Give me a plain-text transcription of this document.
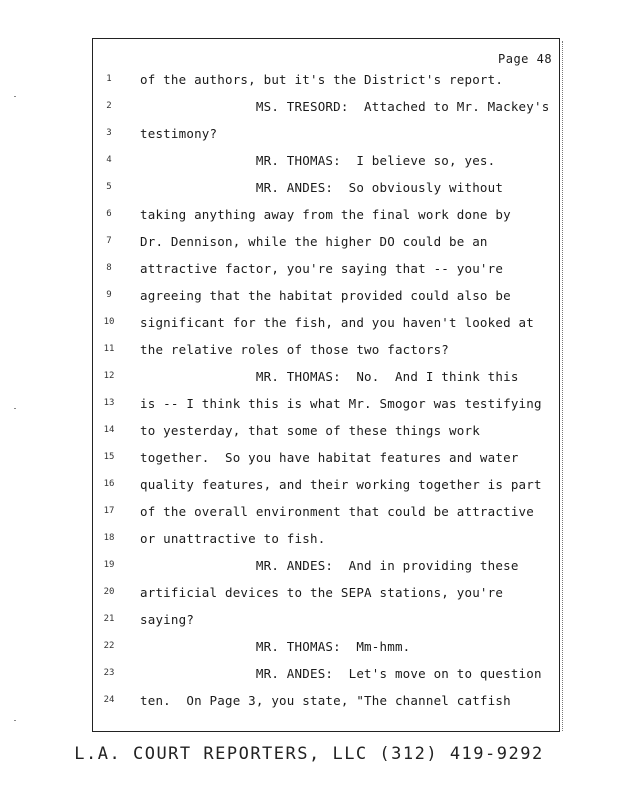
Page 48
1	of the authors, but it's the District's report.
2	MS. TRESORD:  Attached to Mr. Mackey's
3	testimony?
4	MR. THOMAS:  I believe so, yes.
5	MR. ANDES:  So obviously without
6	taking anything away from the final work done by
7	Dr. Dennison, while the higher DO could be an
8	attractive factor, you're saying that -- you're
9	agreeing that the habitat provided could also be
10 significant for the fish, and you haven't looked at
11 the relative roles of those two factors?
12 MR. THOMAS:  No.  And I think this
13 is -- I think this is what Mr. Smogor was testifying
14 to yesterday, that some of these things work
15 together.  So you have habitat features and water
16 quality features, and their working together is part
17 of the overall environment that could be attractive
18 or unattractive to fish.
19 MR. ANDES:  And in providing these
20 artificial devices to the SEPA stations, you're
21 saying?
22 MR. THOMAS:  Mm-hmm.
23 MR. ANDES:  Let's move on to question
24 ten.  On Page 3, you state, "The channel catfish
L.A. COURT REPORTERS, LLC (312) 419-9292
